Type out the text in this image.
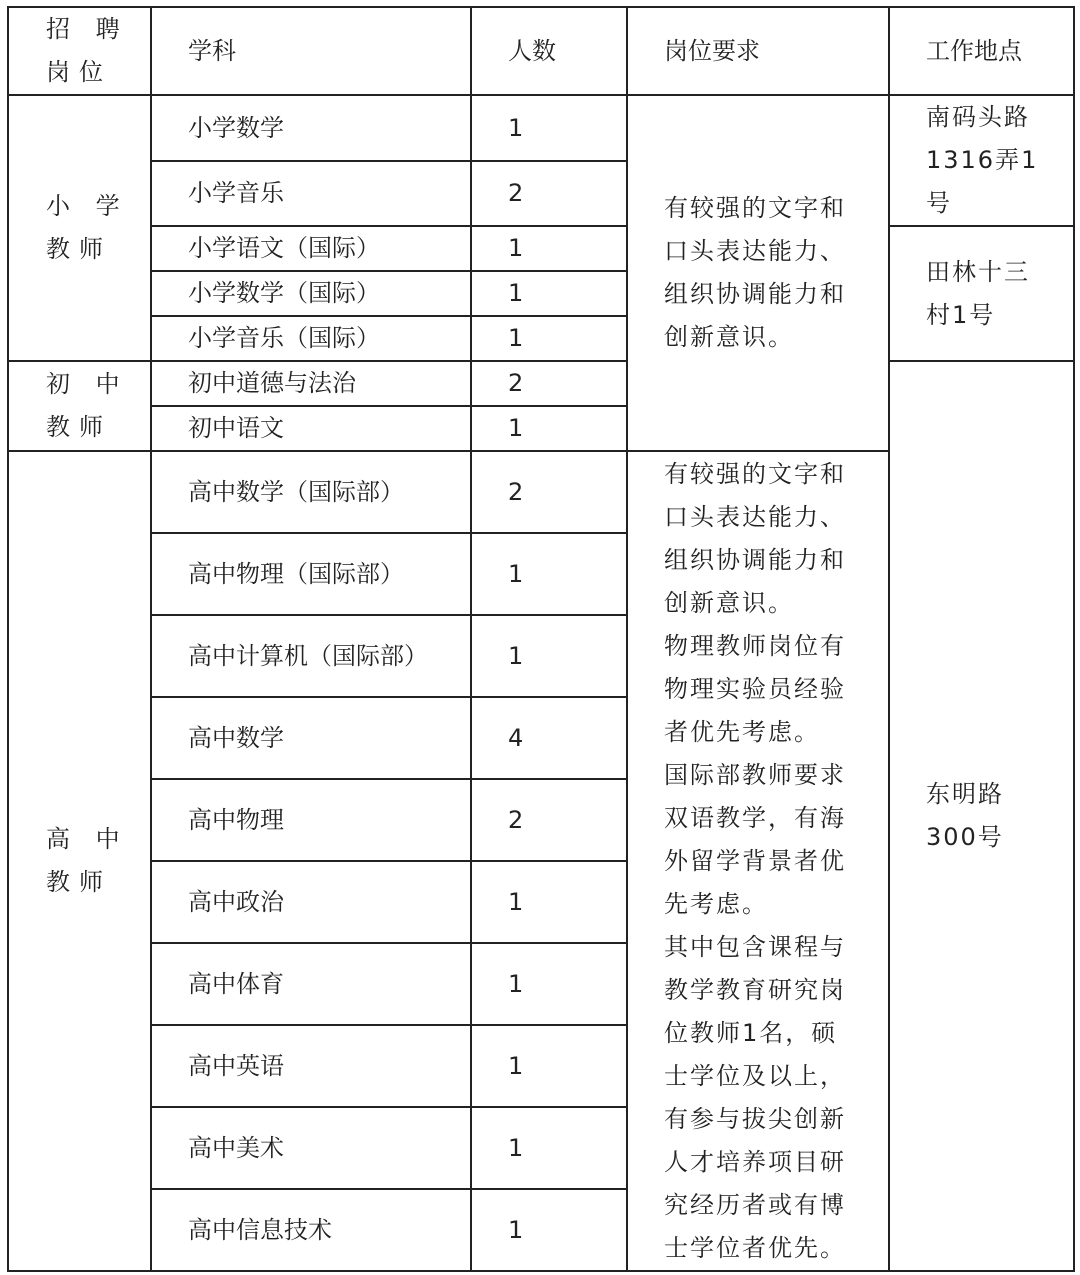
招 聘 岗位	学科	人数	岗位要求	工作地点
小 学 教师	小学数学	1	有较强的文字和口头表达能力、组织协调能力和创新意识。	南码头路1316弄1号
	小学音乐	2		
	小学语文（国际）	1		田林十三村1号
	小学数学（国际）	1		
	小学音乐（国际）	1		
初 中 教师	初中道德与法治	2		东明路300号
	初中语文	1		
高 中 教师	高中数学（国际部）	2	有较强的文字和口头表达能力、组织协调能力和创新意识。
物理教师岗位有物理实验员经验者优先考虑。
国际部教师要求双语教学，有海外留学背景者优先考虑。
其中包含课程与教学教育研究岗位教师1名，硕士学位及以上，有参与拔尖创新人才培养项目研究经历者或有博士学位者优先。	

	高中物理（国际部）	1		
	高中计算机（国际部）	1		
	高中数学	4		
	高中物理	2		
	高中政治	1		
	高中体育	1		
	高中英语	1		
	高中美术	1		
	高中信息技术	1		
